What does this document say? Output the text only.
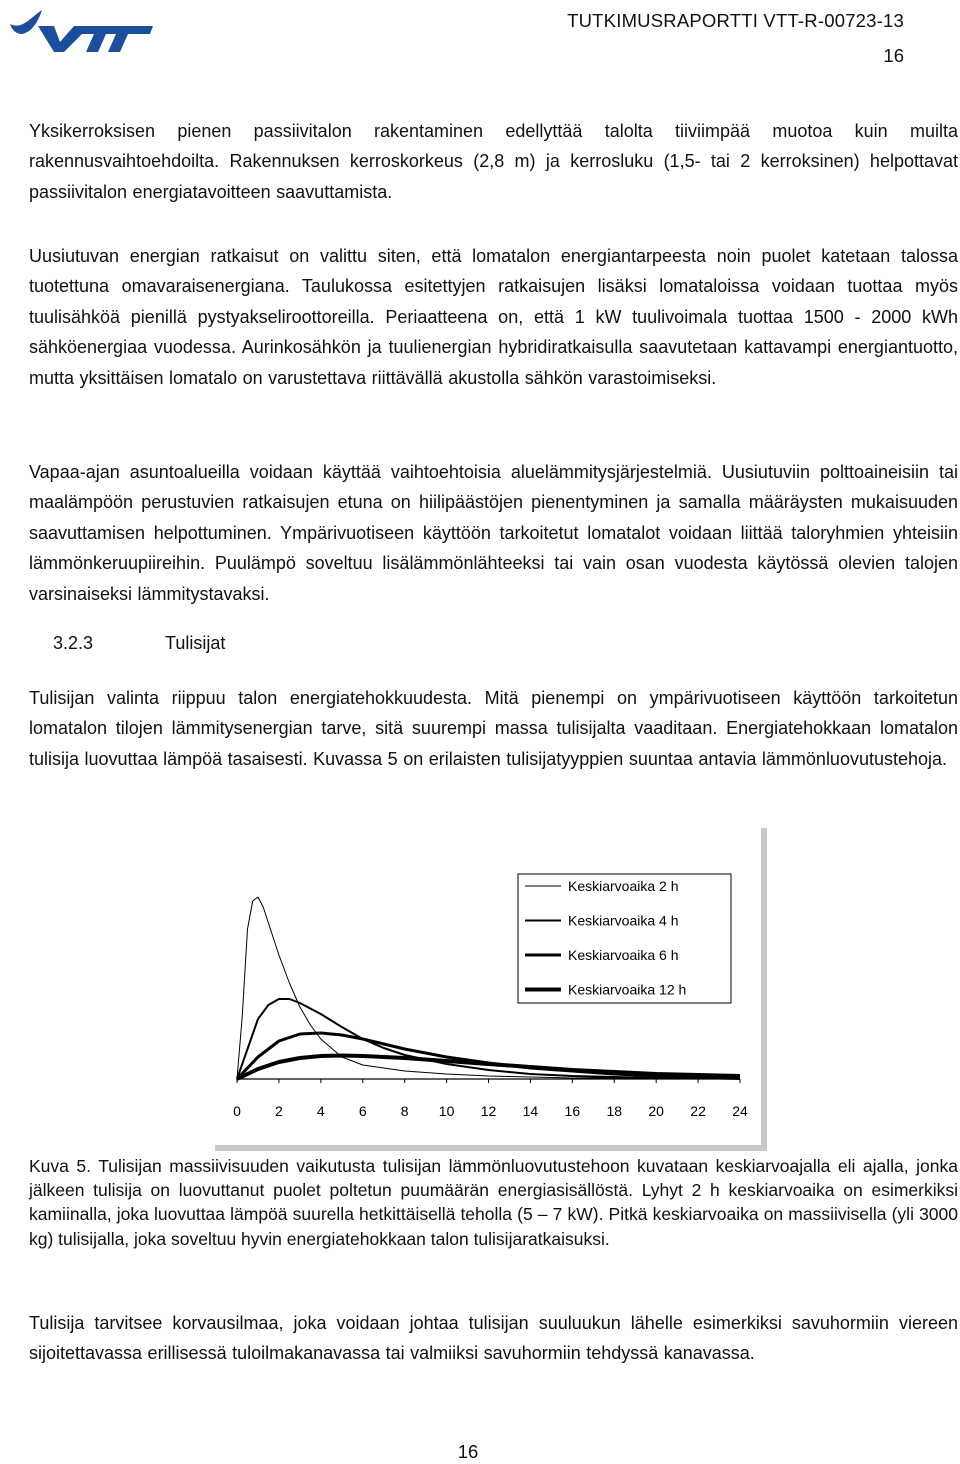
TUTKIMUSRAPORTTI VTT-R-00723-13
16

Yksikerroksisen pienen passiivitalon rakentaminen edellyttää talolta tiiviimpää muotoa kuin muilta rakennusvaihtoehdoilta. Rakennuksen kerroskorkeus (2,8 m) ja kerrosluku (1,5- tai 2 kerroksinen) helpottavat passiivitalon energiatavoitteen saavuttamista.

Uusiutuvan energian ratkaisut on valittu siten, että lomatalon energiantarpeesta noin puolet katetaan talossa tuotettuna omavaraisenergiana. Taulukossa esitettyjen ratkaisujen lisäksi lomataloissa voidaan tuottaa myös tuulisähköä pienillä pystyakseliroottoreilla. Periaatteena on, että 1 kW tuulivoimala tuottaa 1500 - 2000 kWh sähköenergiaa vuodessa. Aurinkosähkön ja tuulienergian hybridiratkaisulla saavutetaan kattavampi energiantuotto, mutta yksittäisen lomatalo on varustettava riittävällä akustolla sähkön varastoimiseksi.

Vapaa-ajan asuntoalueilla voidaan käyttää vaihtoehtoisia aluelämmitysjärjestelmiä. Uusiutuviin polttoaineisiin tai maalämpöön perustuvien ratkaisujen etuna on hiilipäästöjen pienentyminen ja samalla määräysten mukaisuuden saavuttamisen helpottuminen. Ympärivuotiseen käyttöön tarkoitetut lomatalot voidaan liittää taloryhmien yhteisiin lämmönkeruupiireihin. Puulämpö soveltuu lisälämmönlähteeksi tai vain osan vuodesta käytössä olevien talojen varsinaiseksi lämmitystavaksi.

3.2.3	Tulisijat

Tulisijan valinta riippuu talon energiatehokkuudesta. Mitä pienempi on ympärivuotiseen käyttöön tarkoitetun lomatalon tilojen lämmitysenergian tarve, sitä suurempi massa tulisijalta vaaditaan. Energiatehokkaan lomatalon tulisija luovuttaa lämpöä tasaisesti. Kuvassa 5 on erilaisten tulisijatyyppien suuntaa antavia lämmönluovutustehoja.

0 2 4 6 8 10 12 14 16 18 20 22 24
Keskiarvoaika 2 h
Keskiarvoaika 4 h
Keskiarvoaika 6 h
Keskiarvoaika 12 h

Kuva 5. Tulisijan massiivisuuden vaikutusta tulisijan lämmönluovutustehoon kuvataan keskiarvoajalla eli ajalla, jonka jälkeen tulisija on luovuttanut puolet poltetun puumäärän energiasisällöstä. Lyhyt 2 h keskiarvoaika on esimerkiksi kamiinalla, joka luovuttaa lämpöä suurella hetkittäisellä teholla (5 – 7 kW). Pitkä keskiarvoaika on massiivisella (yli 3000 kg) tulisijalla, joka soveltuu hyvin energiatehokkaan talon tulisijaratkaisuksi.

Tulisija tarvitsee korvausilmaa, joka voidaan johtaa tulisijan suuluukun lähelle esimerkiksi savuhormiin viereen sijoitettavassa erillisessä tuloilmakanavassa tai valmiiksi savuhormiin tehdyssä kanavassa.

16
